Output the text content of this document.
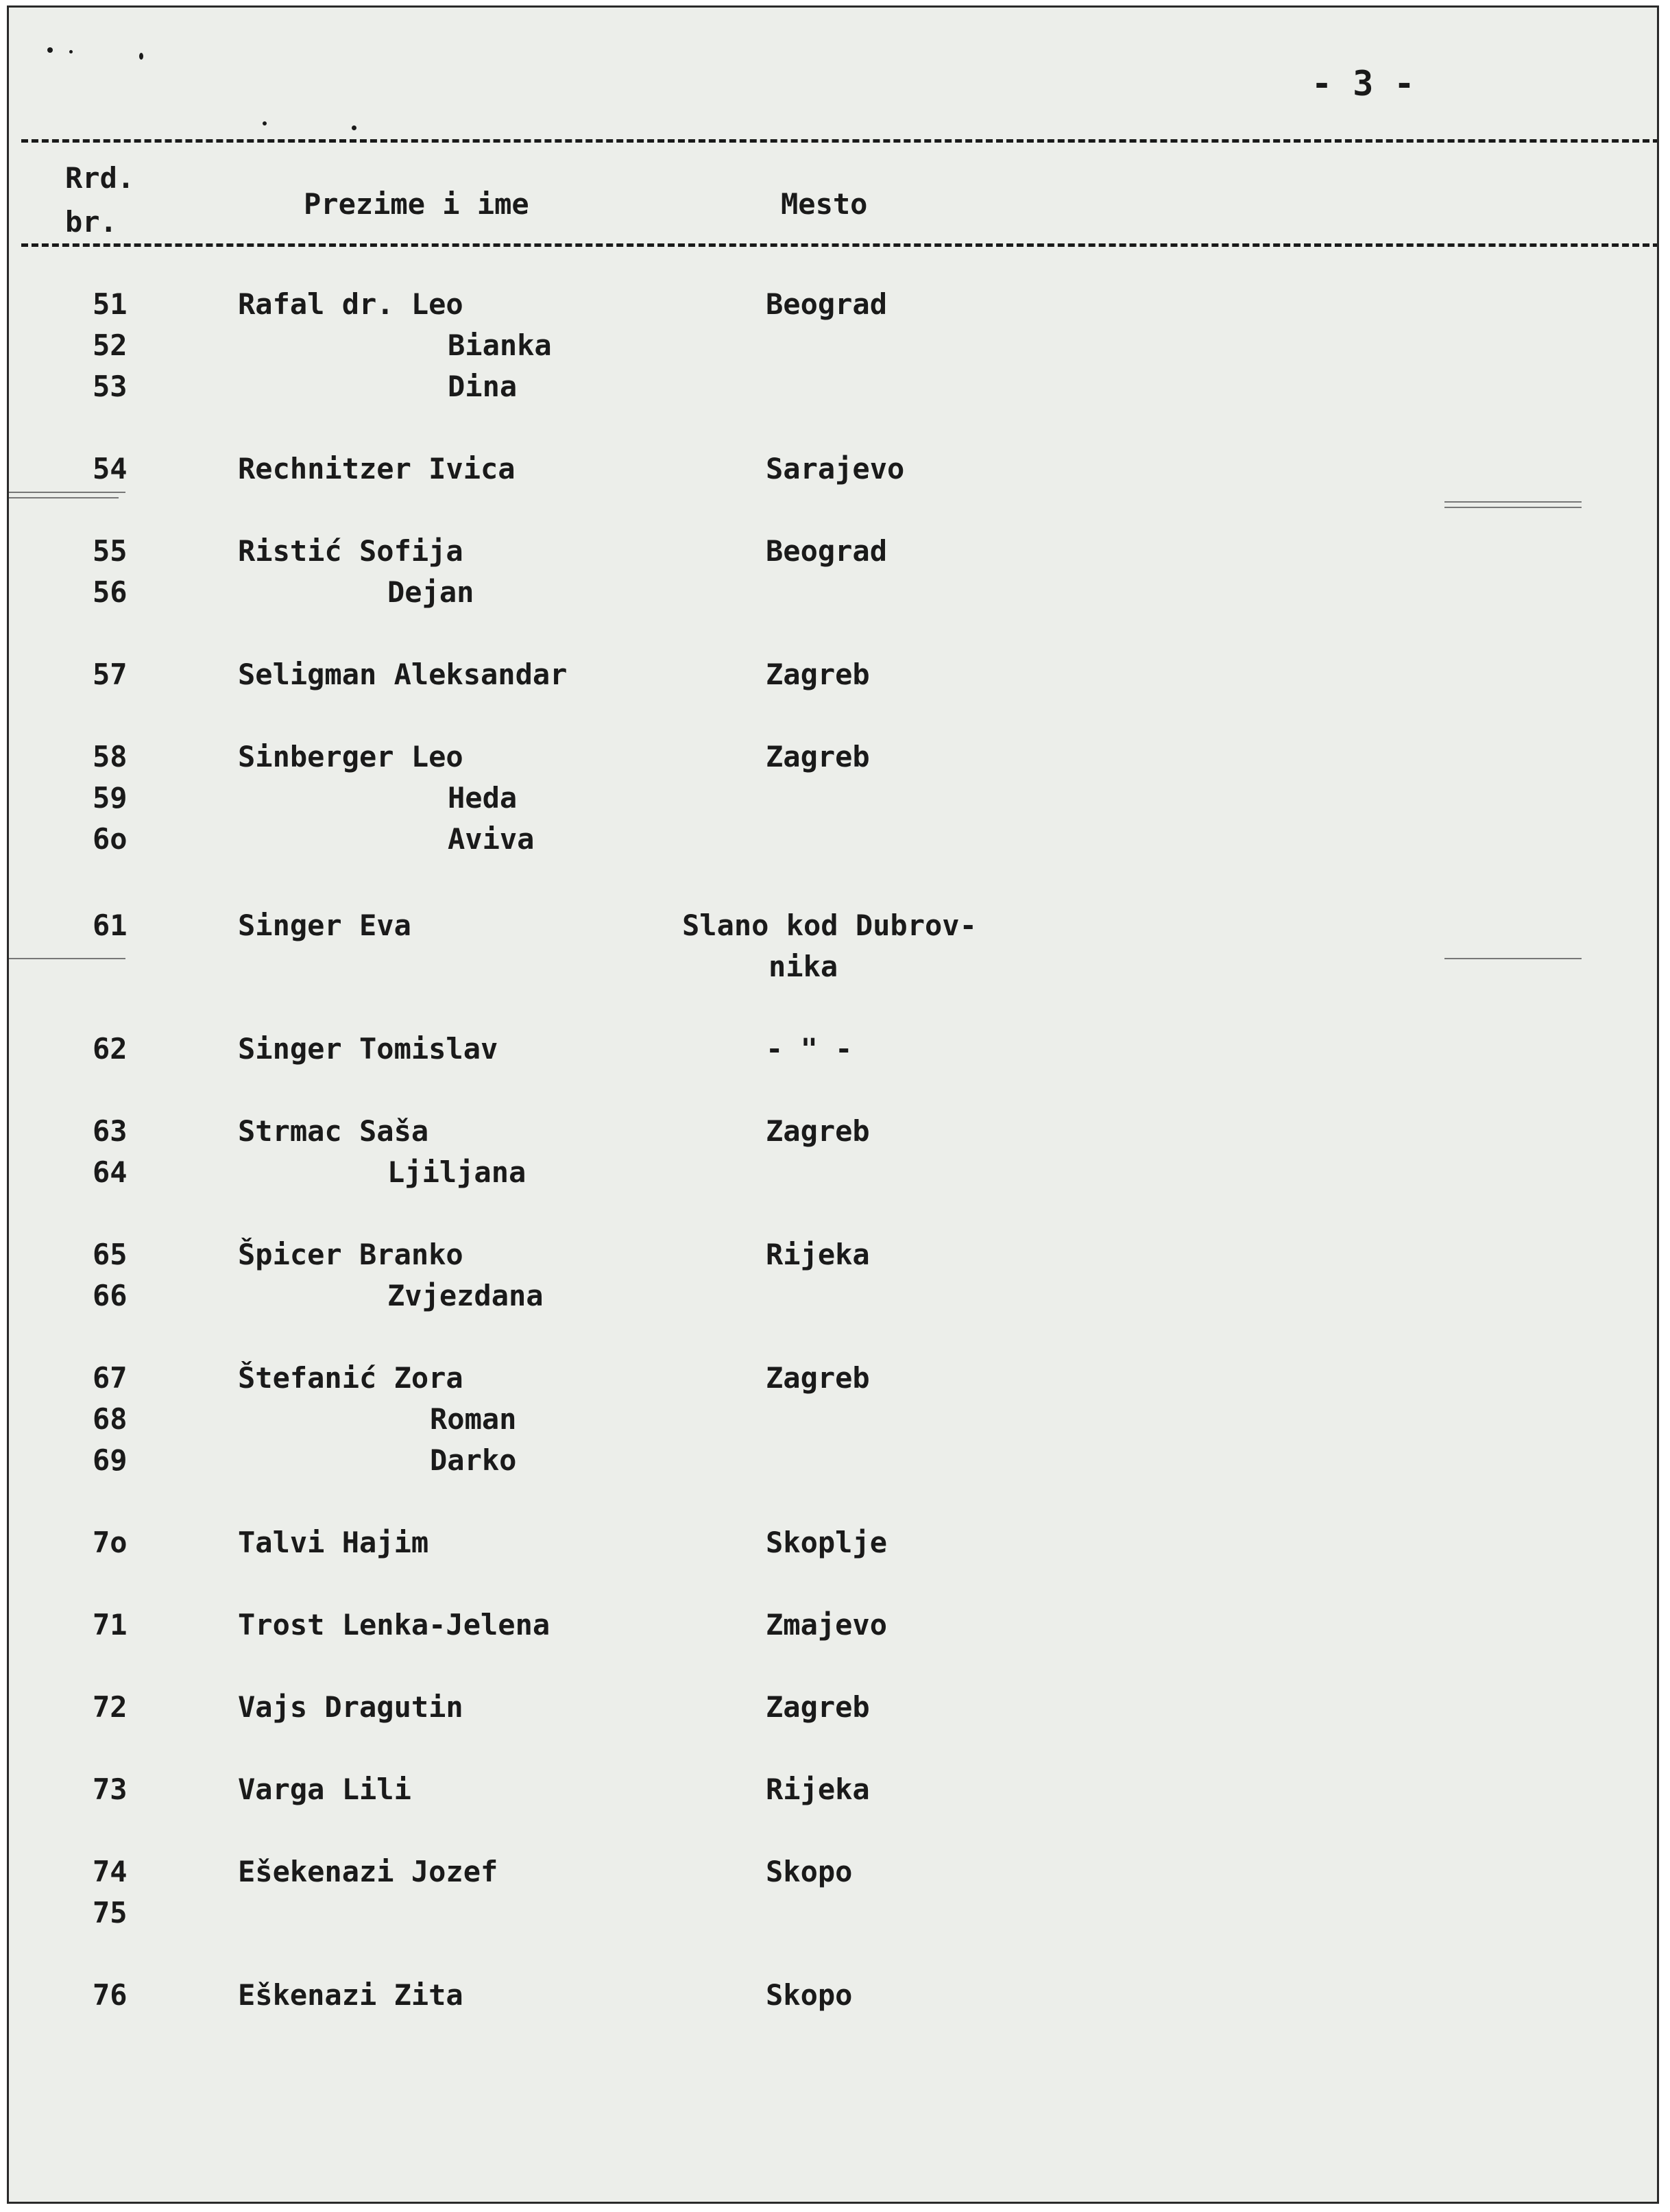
- 3 -
Rrd.
br.
Prezime i ime	Mesto
51	Rafal dr. Leo	Beograd
52	Bianka
53	Dina
54	Rechnitzer Ivica	Sarajevo
55	Ristić Sofija	Beograd
56	Dejan
57	Seligman Aleksandar	Zagreb
58	Sinberger Leo	Zagreb
59	Heda
6o	Aviva
61	Singer Eva	Slano kod Dubrov-
nika
62	Singer Tomislav	- " -
63	Strmac Saša	Zagreb
64	Ljiljana
65	Špicer Branko	Rijeka
66	Zvjezdana
67	Štefanić Zora	Zagreb
68	Roman
69	Darko
7o	Talvi Hajim	Skoplje
71	Trost Lenka-Jelena	Zmajevo
72	Vajs Dragutin	Zagreb
73	Varga Lili	Rijeka
74	Ešekenazi Jozef	Skopo
75
76	Eškenazi Zita	Skopo
